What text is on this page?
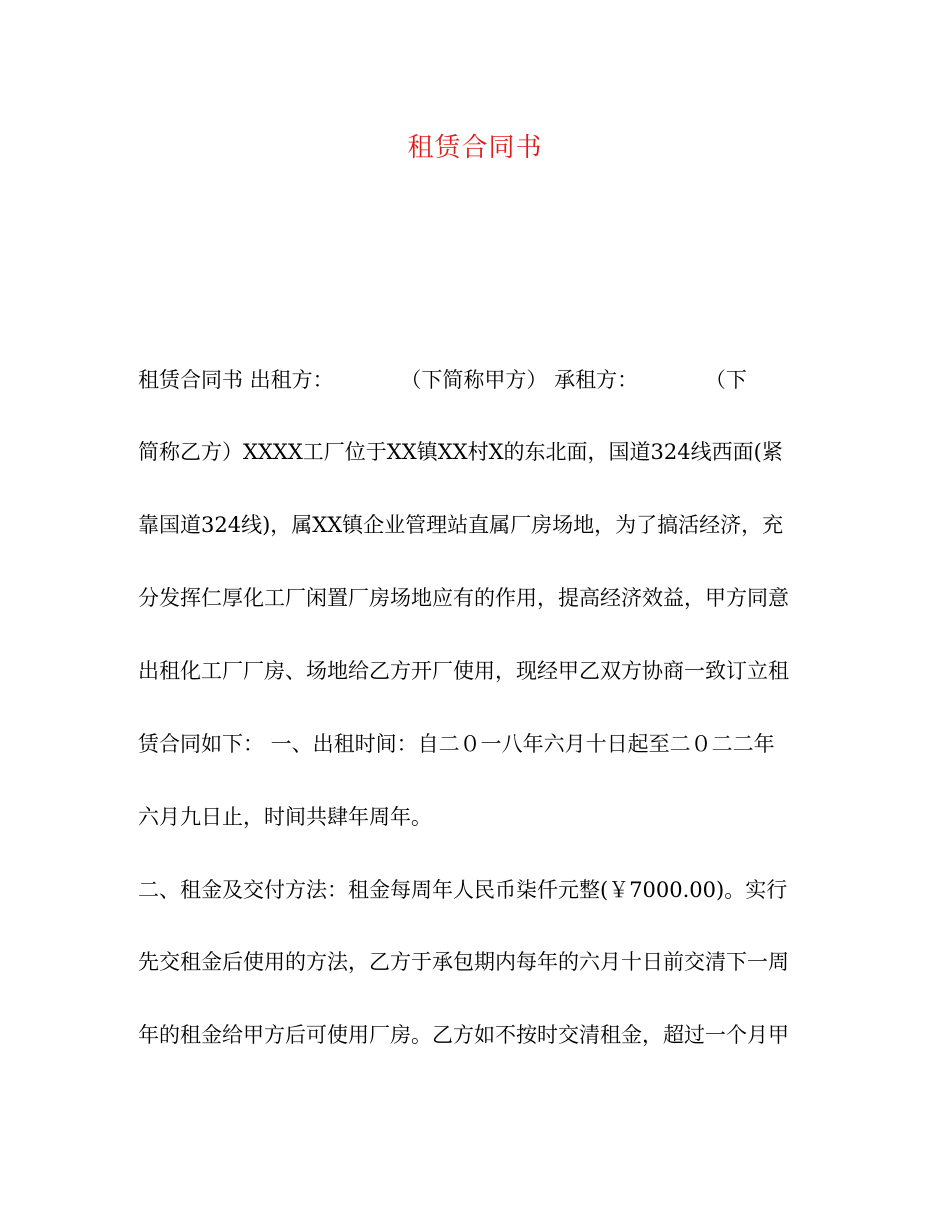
租赁合同书
租赁合同书 出租方：          （下简称甲方） 承租方：          （下
简称乙方）XXXX工厂位于XX镇XX村X的东北面，国道324线西面(紧
靠国道324线)，属XX镇企业管理站直属厂房场地，为了搞活经济，充
分发挥仁厚化工厂闲置厂房场地应有的作用，提高经济效益，甲方同意
出租化工厂厂房、场地给乙方开厂使用，现经甲乙双方协商一致订立租
赁合同如下： 一、出租时间：自二０一八年六月十日起至二０二二年
六月九日止，时间共肆年周年。
二、租金及交付方法：租金每周年人民币柒仟元整(￥7000.00)。实行
先交租金后使用的方法，乙方于承包期内每年的六月十日前交清下一周
年的租金给甲方后可使用厂房。乙方如不按时交清租金，超过一个月甲
